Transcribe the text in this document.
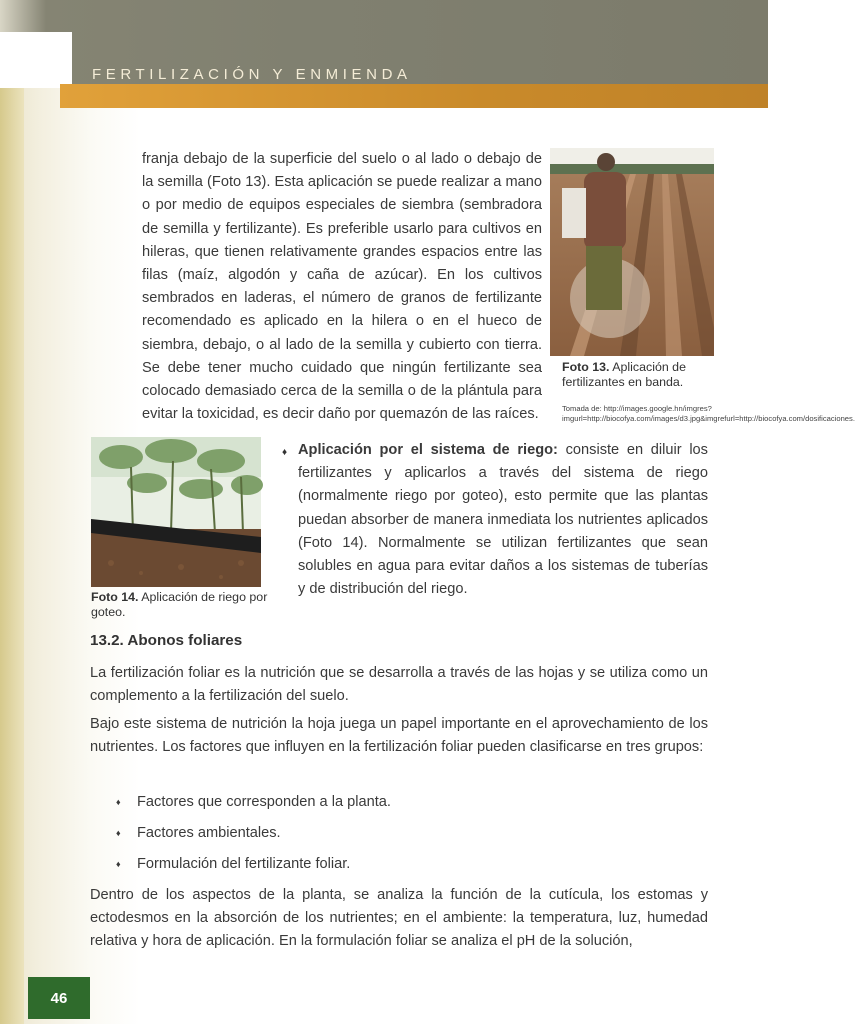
FERTILIZACIÓN Y ENMIENDA

franja debajo de la superficie del suelo o al lado o debajo de la semilla (Foto 13). Esta aplicación se puede realizar a mano o por medio de equipos especiales de siembra (sembradora de semilla y fertilizante). Es preferible usarlo para cultivos en hileras, que tienen relativamente grandes espacios entre las filas (maíz, algodón y caña de azúcar). En los cultivos sembrados en laderas, el número de granos de fertilizante recomendado es aplicado en la hilera o en el hueco de siembra, debajo, o al lado de la semilla y cubierto con tierra. Se debe tener mucho cuidado que ningún fertilizante sea colocado demasiado cerca de la semilla o de la plántula para evitar la toxicidad, es decir daño por quemazón de las raíces.

Foto 13. Aplicación de fertilizantes en banda.
Tomada de: http://images.google.hn/imgres?imgurl=http://biocofya.com/images/d3.jpg&imgrefurl=http://biocofya.com/dosificaciones.
Foto 14. Aplicación de riego por goteo.
♦ Aplicación por el sistema de riego: consiste en diluir los fertilizantes y aplicarlos a través del sistema de riego (normalmente riego por goteo), esto permite que las plantas puedan absorber de manera inmediata los nutrientes aplicados (Foto 14). Normalmente se utilizan fertilizantes que sean solubles en agua para evitar daños a los sistemas de tuberías y de distribución del riego.

13.2. Abonos foliares

La fertilización foliar es la nutrición que se desarrolla a través de las hojas y se utiliza como un complemento a la fertilización del suelo.

Bajo este sistema de nutrición la hoja juega un papel importante en el aprovechamiento de los nutrientes. Los factores que influyen en la fertilización foliar pueden clasificarse en tres grupos:

♦ Factores que corresponden a la planta.
♦ Factores ambientales.
♦ Formulación del fertilizante foliar.

Dentro de los aspectos de la planta, se analiza la función de la cutícula, los estomas y ectodesmos en la absorción de los nutrientes; en el ambiente: la temperatura, luz, humedad relativa y hora de aplicación. En la formulación foliar se analiza el pH de la solución,

46
